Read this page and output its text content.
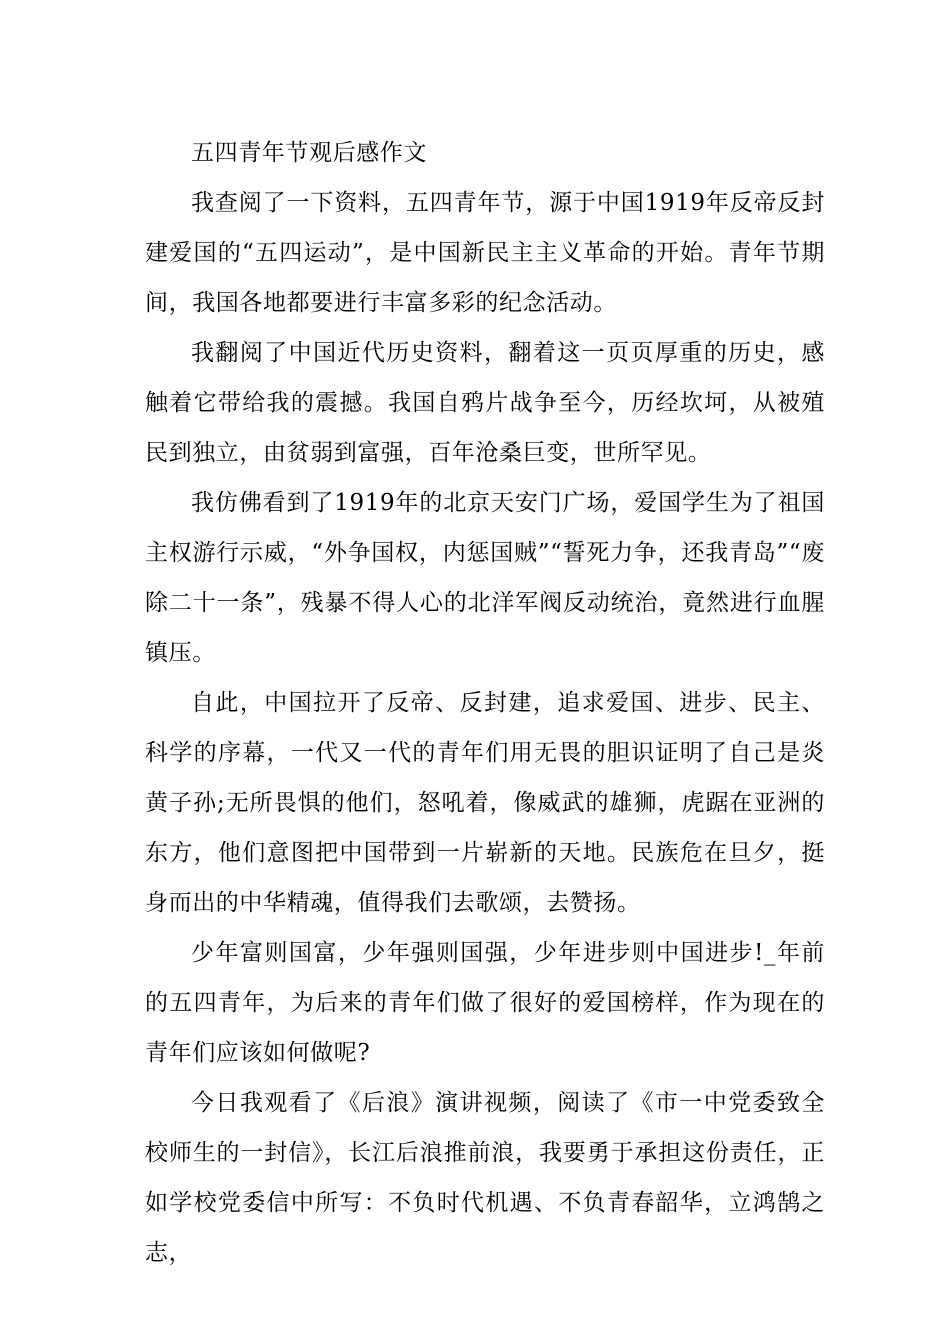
五四青年节观后感作文

我查阅了一下资料，五四青年节，源于中国1919年反帝反封建爱国的“五四运动”，是中国新民主主义革命的开始。青年节期间，我国各地都要进行丰富多彩的纪念活动。

我翻阅了中国近代历史资料，翻着这一页页厚重的历史，感触着它带给我的震撼。我国自鸦片战争至今，历经坎坷，从被殖民到独立，由贫弱到富强，百年沧桑巨变，世所罕见。

我仿佛看到了1919年的北京天安门广场，爱国学生为了祖国主权游行示威，“外争国权，内惩国贼”“誓死力争，还我青岛”“废除二十一条”，残暴不得人心的北洋军阀反动统治，竟然进行血腥镇压。

自此，中国拉开了反帝、反封建，追求爱国、进步、民主、科学的序幕，一代又一代的青年们用无畏的胆识证明了自己是炎黄子孙;无所畏惧的他们，怒吼着，像威武的雄狮，虎踞在亚洲的东方，他们意图把中国带到一片崭新的天地。民族危在旦夕，挺身而出的中华精魂，值得我们去歌颂，去赞扬。

少年富则国富，少年强则国强，少年进步则中国进步!_年前的五四青年，为后来的青年们做了很好的爱国榜样，作为现在的青年们应该如何做呢?

今日我观看了《后浪》演讲视频，阅读了《市一中党委致全校师生的一封信》，长江后浪推前浪，我要勇于承担这份责任，正如学校党委信中所写：不负时代机遇、不负青春韶华，立鸿鹄之志，
